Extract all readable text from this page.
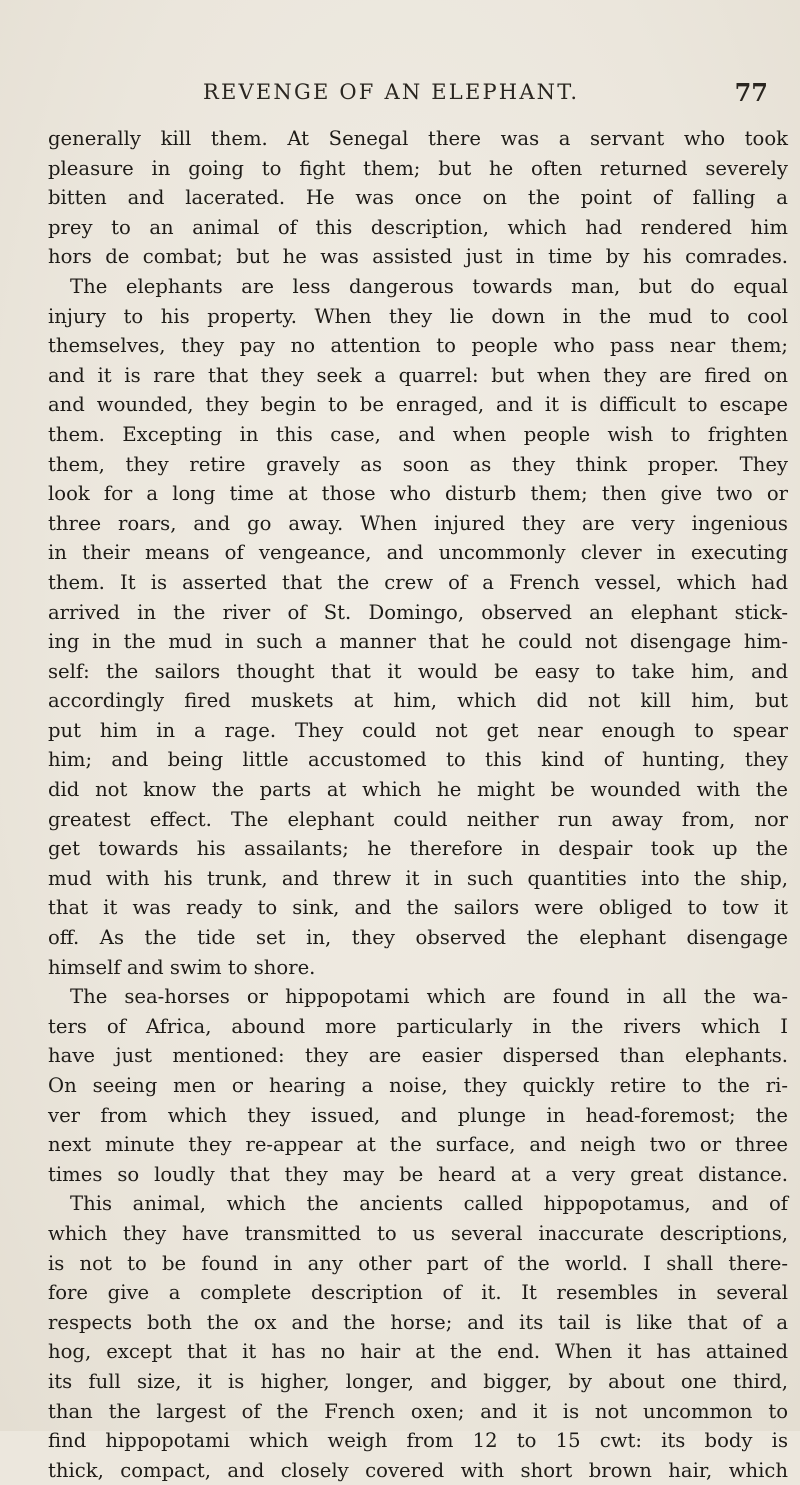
REVENGE OF AN ELEPHANT.	77
generally kill them. At Senegal there was a servant who took
pleasure in going to fight them; but he often returned severely
bitten and lacerated. He was once on the point of falling a
prey to an animal of this description, which had rendered him
hors de combat; but he was assisted just in time by his comrades.
The elephants are less dangerous towards man, but do equal
injury to his property. When they lie down in the mud to cool
themselves, they pay no attention to people who pass near them;
and it is rare that they seek a quarrel: but when they are fired on
and wounded, they begin to be enraged, and it is difficult to escape
them. Excepting in this case, and when people wish to frighten
them, they retire gravely as soon as they think proper. They
look for a long time at those who disturb them; then give two or
three roars, and go away. When injured they are very ingenious
in their means of vengeance, and uncommonly clever in executing
them. It is asserted that the crew of a French vessel, which had
arrived in the river of St. Domingo, observed an elephant stick-
ing in the mud in such a manner that he could not disengage him-
self: the sailors thought that it would be easy to take him, and
accordingly fired muskets at him, which did not kill him, but
put him in a rage. They could not get near enough to spear
him; and being little accustomed to this kind of hunting, they
did not know the parts at which he might be wounded with the
greatest effect. The elephant could neither run away from, nor
get towards his assailants; he therefore in despair took up the
mud with his trunk, and threw it in such quantities into the ship,
that it was ready to sink, and the sailors were obliged to tow it
off. As the tide set in, they observed the elephant disengage
himself and swim to shore.
The sea-horses or hippopotami which are found in all the wa-
ters of Africa, abound more particularly in the rivers which I
have just mentioned: they are easier dispersed than elephants.
On seeing men or hearing a noise, they quickly retire to the ri-
ver from which they issued, and plunge in head-foremost; the
next minute they re-appear at the surface, and neigh two or three
times so loudly that they may be heard at a very great distance.
This animal, which the ancients called hippopotamus, and of
which they have transmitted to us several inaccurate descriptions,
is not to be found in any other part of the world. I shall there-
fore give a complete description of it. It resembles in several
respects both the ox and the horse; and its tail is like that of a
hog, except that it has no hair at the end. When it has attained
its full size, it is higher, longer, and bigger, by about one third,
than the largest of the French oxen; and it is not uncommon to
find hippopotami which weigh from 12 to 15 cwt: its body is
thick, compact, and closely covered with short brown hair, which
